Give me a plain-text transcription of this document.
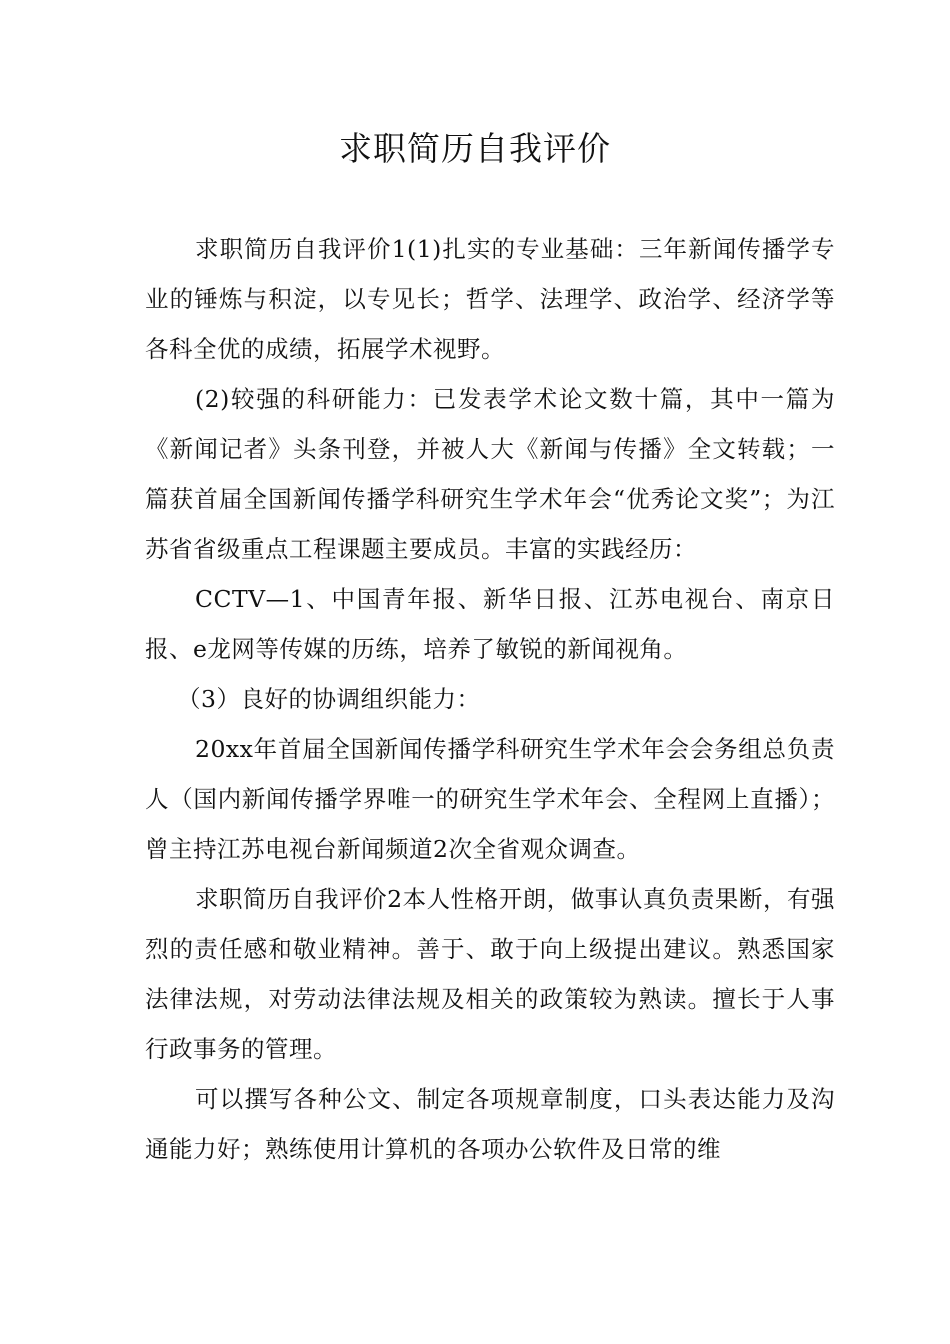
求职简历自我评价

求职简历自我评价1(1)扎实的专业基础：三年新闻传播学专业的锤炼与积淀，以专见长；哲学、法理学、政治学、经济学等各科全优的成绩，拓展学术视野。

(2)较强的科研能力：已发表学术论文数十篇，其中一篇为《新闻记者》头条刊登，并被人大《新闻与传播》全文转载；一篇获首届全国新闻传播学科研究生学术年会“优秀论文奖”；为江苏省省级重点工程课题主要成员。丰富的实践经历：

CCTV—1、中国青年报、新华日报、江苏电视台、南京日报、e龙网等传媒的历练，培养了敏锐的新闻视角。

（3）良好的协调组织能力：

20xx年首届全国新闻传播学科研究生学术年会会务组总负责人（国内新闻传播学界唯一的研究生学术年会、全程网上直播）；曾主持江苏电视台新闻频道2次全省观众调查。

求职简历自我评价2本人性格开朗，做事认真负责果断，有强烈的责任感和敬业精神。善于、敢于向上级提出建议。熟悉国家法律法规，对劳动法律法规及相关的政策较为熟读。擅长于人事行政事务的管理。

可以撰写各种公文、制定各项规章制度，口头表达能力及沟通能力好；熟练使用计算机的各项办公软件及日常的维
